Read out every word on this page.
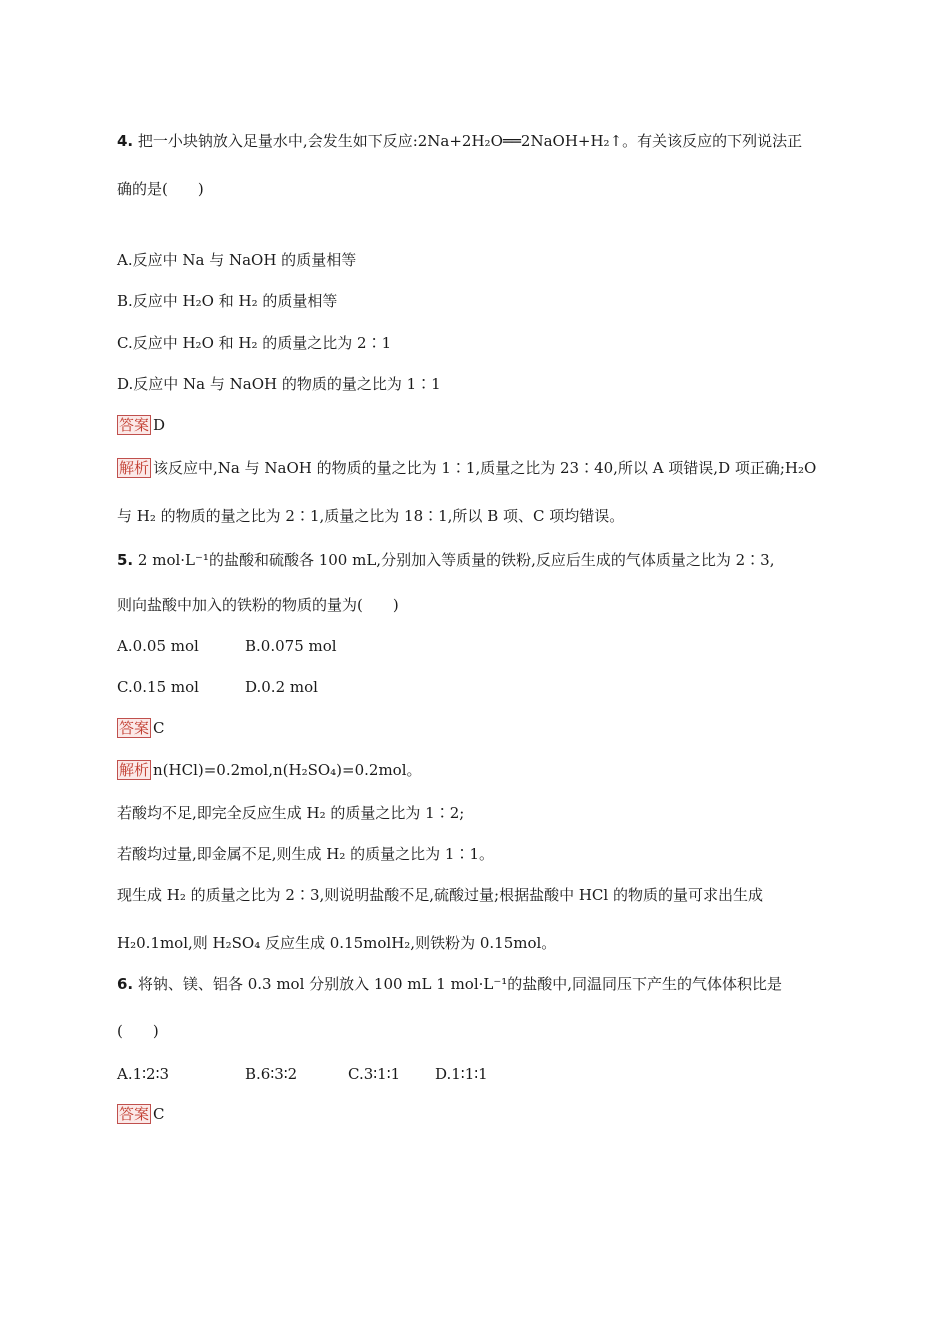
4. 把一小块钠放入足量水中,会发生如下反应:2Na+2H₂O══2NaOH+H₂↑。有关该反应的下列说法正
确的是(　　)
A.反应中 Na 与 NaOH 的质量相等
B.反应中 H₂O 和 H₂ 的质量相等
C.反应中 H₂O 和 H₂ 的质量之比为 2∶1
D.反应中 Na 与 NaOH 的物质的量之比为 1∶1
答案 D
解析 该反应中,Na 与 NaOH 的物质的量之比为 1∶1,质量之比为 23∶40,所以 A 项错误,D 项正确;H₂O
与 H₂ 的物质的量之比为 2∶1,质量之比为 18∶1,所以 B 项、C 项均错误。
5. 2 mol·L⁻¹的盐酸和硫酸各 100 mL,分别加入等质量的铁粉,反应后生成的气体质量之比为 2∶3,
则向盐酸中加入的铁粉的物质的量为(　　)
A.0.05 mol	B.0.075 mol
C.0.15 mol	D.0.2 mol
答案 C
解析 n(HCl)=0.2mol,n(H₂SO₄)=0.2mol。
若酸均不足,即完全反应生成 H₂ 的质量之比为 1∶2;
若酸均过量,即金属不足,则生成 H₂ 的质量之比为 1∶1。
现生成 H₂ 的质量之比为 2∶3,则说明盐酸不足,硫酸过量;根据盐酸中 HCl 的物质的量可求出生成
H₂0.1mol,则 H₂SO₄ 反应生成 0.15molH₂,则铁粉为 0.15mol。
6. 将钠、镁、铝各 0.3 mol 分别放入 100 mL 1 mol·L⁻¹的盐酸中,同温同压下产生的气体体积比是
(　　)
A.1∶2∶3	B.6∶3∶2	C.3∶1∶1 D.1∶1∶1
答案 C
